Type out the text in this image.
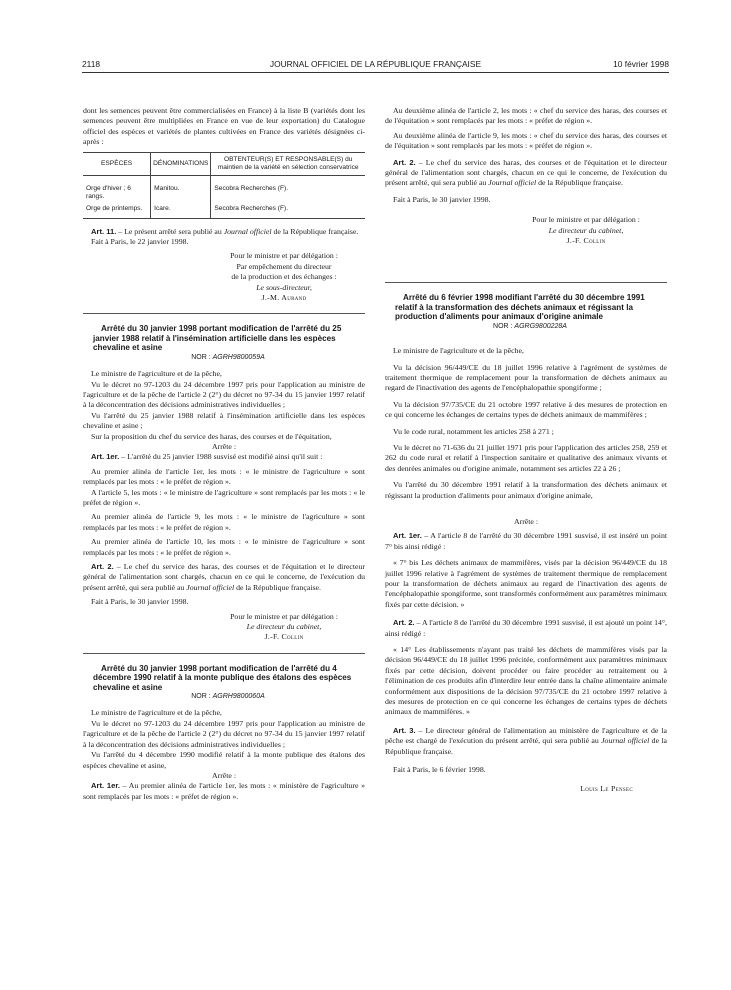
2118	JOURNAL OFFICIEL DE LA RÉPUBLIQUE FRANÇAISE	10 février 1998

dont les semences peuvent être commercialisées en France) à la liste B (variétés dont les semences peuvent être multipliées en France en vue de leur exportation) du Catalogue officiel des espèces et variétés de plantes cultivées en France des variétés désignées ci-après :

ESPÈCES	DÉNOMINATIONS	OBTENTEUR(S) ET RESPONSABLE(S) du maintien de la variété en sélection conservatrice
Orge d'hiver ; 6 rangs.	Manitou.	Secobra Recherches (F).
Orge de printemps.	Icare.	Secobra Recherches (F).

Art. 11. – Le présent arrêté sera publié au Journal officiel de la République française.

Fait à Paris, le 22 janvier 1998.

Pour le ministre et par délégation :

Par empêchement du directeur

de la production et des échanges :

Le sous-directeur,

J.-M. Aurand

Arrêté du 30 janvier 1998 portant modification de l'arrêté du 25 janvier 1988 relatif à l'insémination artificielle dans les espèces chevaline et asine

NOR : AGRH9800059A

Le ministre de l'agriculture et de la pêche,

Vu le décret no 97-1203 du 24 décembre 1997 pris pour l'application au ministre de l'agriculture et de la pêche de l'article 2 (2°) du décret no 97-34 du 15 janvier 1997 relatif à la déconcentration des décisions administratives individuelles ;

Vu l'arrêté du 25 janvier 1988 relatif à l'insémination artificielle dans les espèces chevaline et asine ;

Sur la proposition du chef du service des haras, des courses et de l'équitation,

Arrête :

Art. 1er. – L'arrêté du 25 janvier 1988 susvisé est modifié ainsi qu'il suit :

Au premier alinéa de l'article 1er, les mots : « le ministre de l'agriculture » sont remplacés par les mots : « le préfet de région ».

A l'article 5, les mots : « le ministre de l'agriculture » sont remplacés par les mots : « le préfet de région ».

Au premier alinéa de l'article 9, les mots : « le ministre de l'agriculture » sont remplacés par les mots : « le préfet de région ».

Au premier alinéa de l'article 10, les mots : « le ministre de l'agriculture » sont remplacés par les mots : « le préfet de région ».

Art. 2. – Le chef du service des haras, des courses et de l'équitation et le directeur général de l'alimentation sont chargés, chacun en ce qui le concerne, de l'exécution du présent arrêté, qui sera publié au Journal officiel de la République française.

Fait à Paris, le 30 janvier 1998.

Pour le ministre et par délégation :

Le directeur du cabinet,

J.-F. Collin

Arrêté du 30 janvier 1998 portant modification de l'arrêté du 4 décembre 1990 relatif à la monte publique des étalons des espèces chevaline et asine

NOR : AGRH9800060A

Le ministre de l'agriculture et de la pêche,

Vu le décret no 97-1203 du 24 décembre 1997 pris pour l'application au ministre de l'agriculture et de la pêche de l'article 2 (2°) du décret no 97-34 du 15 janvier 1997 relatif à la déconcentration des décisions administratives individuelles ;

Vu l'arrêté du 4 décembre 1990 modifié relatif à la monte publique des étalons des espèces chevaline et asine,

Arrête :

Art. 1er. – Au premier alinéa de l'article 1er, les mots : « ministère de l'agriculture » sont remplacés par les mots : « préfet de région ».

Au deuxième alinéa de l'article 2, les mots : « chef du service des haras, des courses et de l'équitation » sont remplacés par les mots : « préfet de région ».

Au deuxième alinéa de l'article 9, les mots : « chef du service des haras, des courses et de l'équitation » sont remplacés par les mots : « préfet de région ».

Art. 2. – Le chef du service des haras, des courses et de l'équitation et le directeur général de l'alimentation sont chargés, chacun en ce qui le concerne, de l'exécution du présent arrêté, qui sera publié au Journal officiel de la République française.

Fait à Paris, le 30 janvier 1998.

Pour le ministre et par délégation :

Le directeur du cabinet,

J.-F. Collin

Arrêté du 6 février 1998 modifiant l'arrêté du 30 décembre 1991 relatif à la transformation des déchets animaux et régissant la production d'aliments pour animaux d'origine animale

NOR : AGRG9800228A

Le ministre de l'agriculture et de la pêche,

Vu la décision 96/449/CE du 18 juillet 1996 relative à l'agrément de systèmes de traitement thermique de remplacement pour la transformation de déchets animaux au regard de l'inactivation des agents de l'encéphalopathie spongiforme ;

Vu la décision 97/735/CE du 21 octobre 1997 relative à des mesures de protection en ce qui concerne les échanges de certains types de déchets animaux de mammifères ;

Vu le code rural, notamment les articles 258 à 271 ;

Vu le décret no 71-636 du 21 juillet 1971 pris pour l'application des articles 258, 259 et 262 du code rural et relatif à l'inspection sanitaire et qualitative des animaux vivants et des denrées animales ou d'origine animale, notamment ses articles 22 à 26 ;

Vu l'arrêté du 30 décembre 1991 relatif à la transformation des déchets animaux et régissant la production d'aliments pour animaux d'origine animale,

Arrête :

Art. 1er. – A l'article 8 de l'arrêté du 30 décembre 1991 susvisé, il est inséré un point 7° bis ainsi rédigé :

« 7° bis Les déchets animaux de mammifères, visés par la décision 96/449/CE du 18 juillet 1996 relative à l'agrément de systèmes de traitement thermique de remplacement pour la transformation de déchets animaux au regard de l'inactivation des agents de l'encéphalopathie spongiforme, sont transformés conformément aux paramètres minimaux fixés par cette décision. »

Art. 2. – A l'article 8 de l'arrêté du 30 décembre 1991 susvisé, il est ajouté un point 14°, ainsi rédigé :

« 14° Les établissements n'ayant pas traité les déchets de mammifères visés par la décision 96/449/CE du 18 juillet 1996 précitée, conformément aux paramètres minimaux fixés par cette décision, doivent procéder ou faire procéder au retraitement ou à l'élimination de ces produits afin d'interdire leur entrée dans la chaîne alimentaire animale conformément aux dispositions de la décision 97/735/CE du 21 octobre 1997 relative à des mesures de protection en ce qui concerne les échanges de certains types de déchets animaux de mammifères. »

Art. 3. – Le directeur général de l'alimentation au ministère de l'agriculture et de la pêche est chargé de l'exécution du présent arrêté, qui sera publié au Journal officiel de la République française.

Fait à Paris, le 6 février 1998.

Louis Le Pensec
